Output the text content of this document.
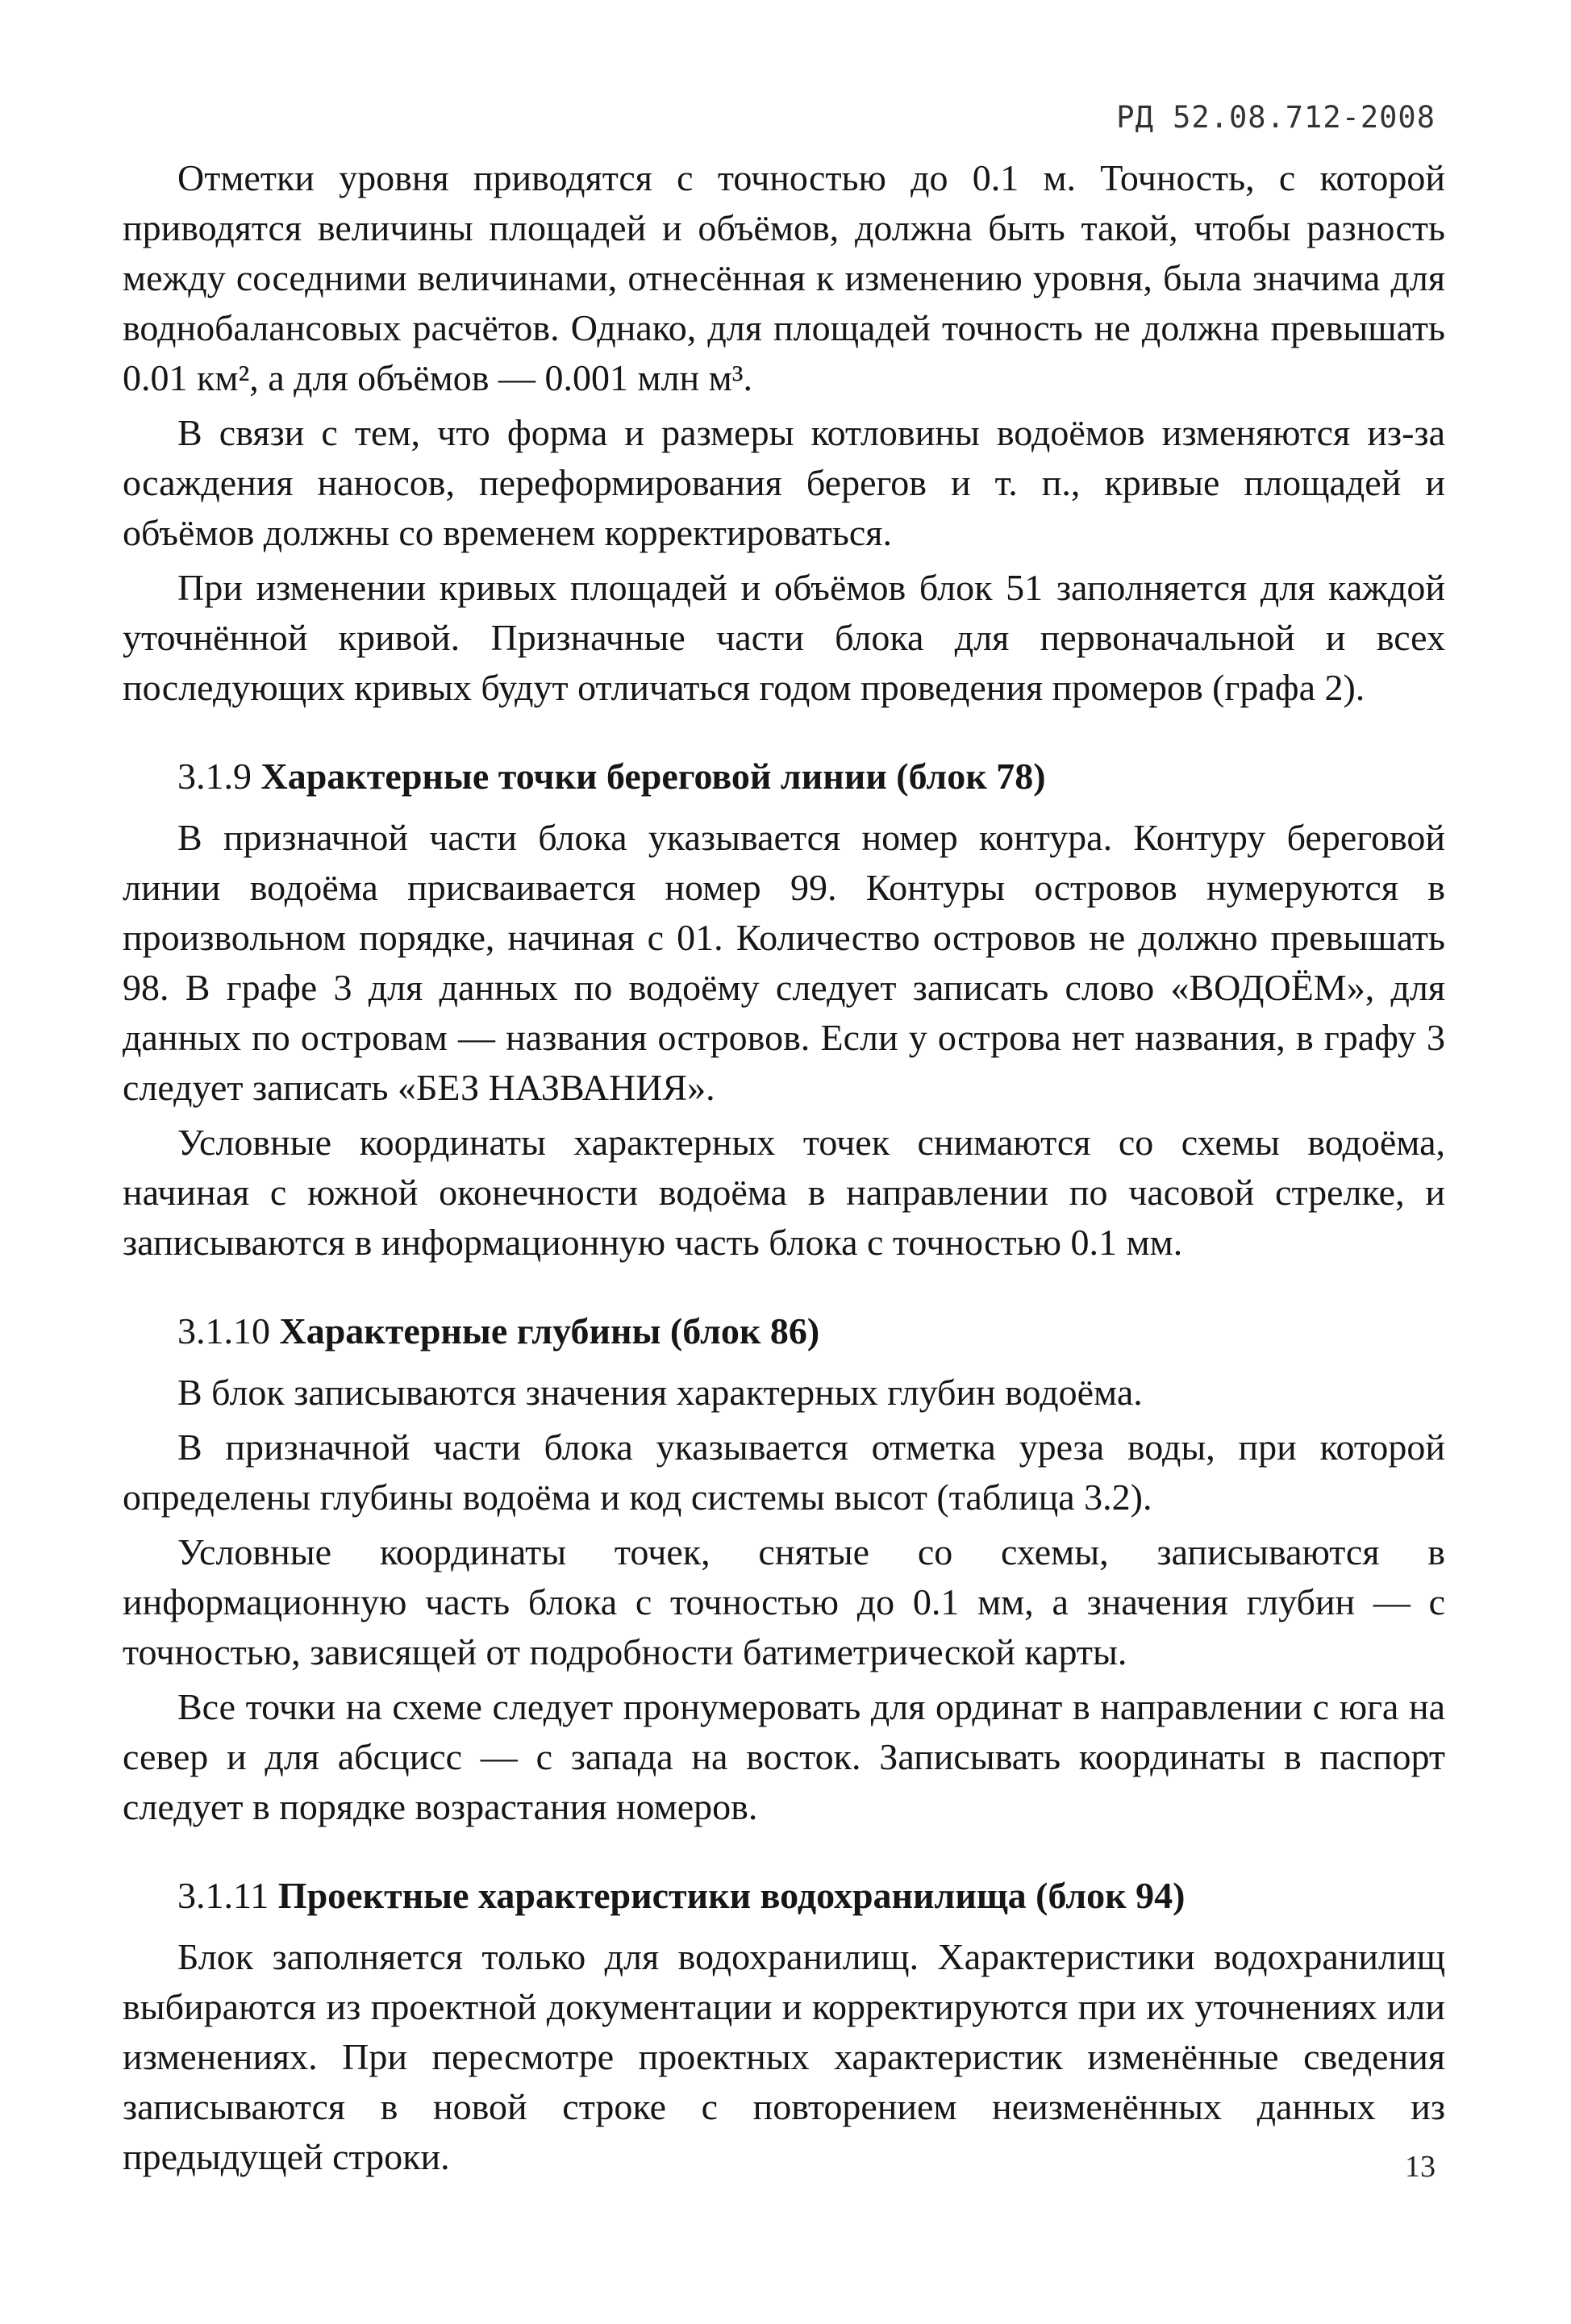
РД 52.08.712-2008

Отметки уровня приводятся с точностью до 0.1 м. Точность, с которой приводятся величины площадей и объёмов, должна быть такой, чтобы разность между соседними величинами, отнесённая к изменению уровня, была значима для воднобалансовых расчётов. Однако, для площадей точность не должна превышать 0.01 км², а для объёмов — 0.001 млн м³.

В связи с тем, что форма и размеры котловины водоёмов изменяются из-за осаждения наносов, переформирования берегов и т. п., кривые площадей и объёмов должны со временем корректироваться.

При изменении кривых площадей и объёмов блок 51 заполняется для каждой уточнённой кривой. Призначные части блока для первоначальной и всех последующих кривых будут отличаться годом проведения промеров (графа 2).

3.1.9 Характерные точки береговой линии (блок 78)

В призначной части блока указывается номер контура. Контуру береговой линии водоёма присваивается номер 99. Контуры островов нумеруются в произвольном порядке, начиная с 01. Количество островов не должно превышать 98. В графе 3 для данных по водоёму следует записать слово «ВОДОЁМ», для данных по островам — названия островов. Если у острова нет названия, в графу 3 следует записать «БЕЗ НАЗВАНИЯ».

Условные координаты характерных точек снимаются со схемы водоёма, начиная с южной оконечности водоёма в направлении по часовой стрелке, и записываются в информационную часть блока с точностью 0.1 мм.

3.1.10 Характерные глубины (блок 86)

В блок записываются значения характерных глубин водоёма.

В призначной части блока указывается отметка уреза воды, при которой определены глубины водоёма и код системы высот (таблица 3.2).

Условные координаты точек, снятые со схемы, записываются в информационную часть блока с точностью до 0.1 мм, а значения глубин — с точностью, зависящей от подробности батиметрической карты.

Все точки на схеме следует пронумеровать для ординат в направлении с юга на север и для абсцисс — с запада на восток. Записывать координаты в паспорт следует в порядке возрастания номеров.

3.1.11 Проектные характеристики водохранилища (блок 94)

Блок заполняется только для водохранилищ. Характеристики водохранилищ выбираются из проектной документации и корректируются при их уточнениях или изменениях. При пересмотре проектных характеристик изменённые сведения записываются в новой строке с повторением неизменённых данных из предыдущей строки.	13
